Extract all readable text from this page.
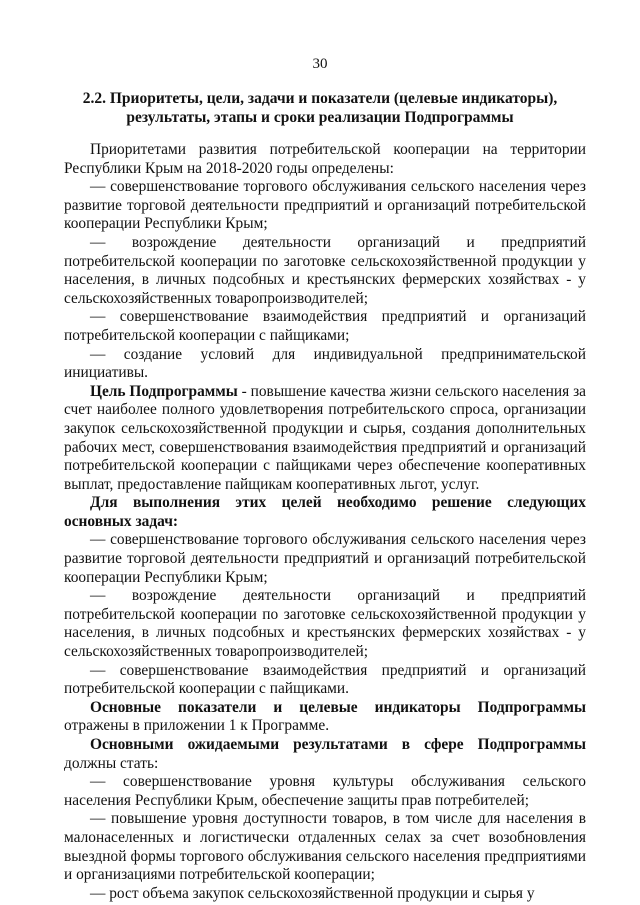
30
2.2. Приоритеты, цели, задачи и показатели (целевые индикаторы),
результаты, этапы и сроки реализации Подпрограммы

Приоритетами развития потребительской кооперации на территории Республики Крым на 2018-2020 годы определены:

— совершенствование торгового обслуживания сельского населения через развитие торговой деятельности предприятий и организаций потребительской кооперации Республики Крым;

— возрождение деятельности организаций и предприятий потребительской кооперации по заготовке сельскохозяйственной продукции у населения, в личных подсобных и крестьянских фермерских хозяйствах - у сельскохозяйственных товаропроизводителей;

— совершенствование взаимодействия предприятий и организаций потребительской кооперации с пайщиками;

— создание условий для индивидуальной предпринимательской инициативы.

Цель Подпрограммы - повышение качества жизни сельского населения за счет наиболее полного удовлетворения потребительского спроса, организации закупок сельскохозяйственной продукции и сырья, создания дополнительных рабочих мест, совершенствования взаимодействия предприятий и организаций потребительской кооперации с пайщиками через обеспечение кооперативных выплат, предоставление пайщикам кооперативных льгот, услуг.

Для выполнения этих целей необходимо решение следующих основных задач:

— совершенствование торгового обслуживания сельского населения через развитие торговой деятельности предприятий и организаций потребительской кооперации Республики Крым;

— возрождение деятельности организаций и предприятий потребительской кооперации по заготовке сельскохозяйственной продукции у населения, в личных подсобных и крестьянских фермерских хозяйствах - у сельскохозяйственных товаропроизводителей;

— совершенствование взаимодействия предприятий и организаций потребительской кооперации с пайщиками.

Основные показатели и целевые индикаторы Подпрограммы отражены в приложении 1 к Программе.

Основными ожидаемыми результатами в сфере Подпрограммы должны стать:

— совершенствование уровня культуры обслуживания сельского населения Республики Крым, обеспечение защиты прав потребителей;

— повышение уровня доступности товаров, в том числе для населения в малонаселенных и логистически отдаленных селах за счет возобновления выездной формы торгового обслуживания сельского населения предприятиями и организациями потребительской кооперации;

— рост объема закупок сельскохозяйственной продукции и сырья у
